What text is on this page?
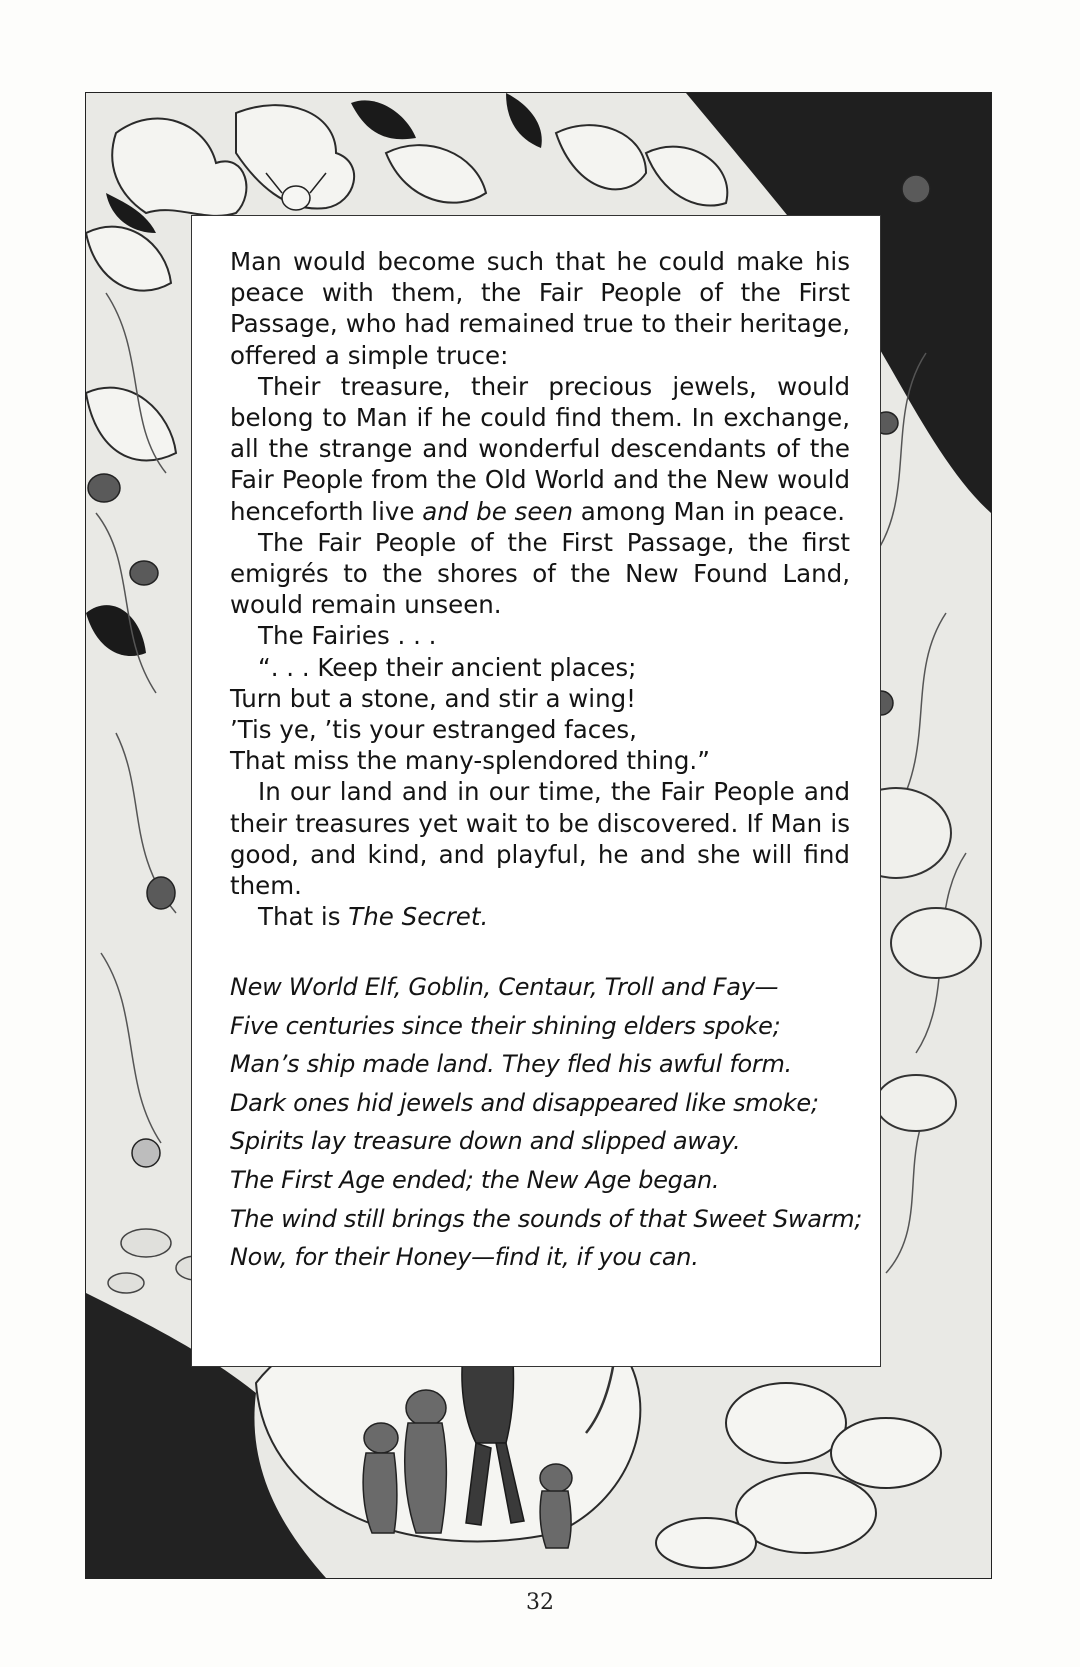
Man would become such that he could make his peace with them, the Fair People of the First Passage, who had remained true to their heritage, offered a simple truce:

Their treasure, their precious jewels, would belong to Man if he could find them. In exchange, all the strange and wonderful descendants of the Fair People from the Old World and the New would henceforth live and be seen among Man in peace.

The Fair People of the First Passage, the first emigrés to the shores of the New Found Land, would remain unseen.

The Fairies . . .

“. . . Keep their ancient places;
Turn but a stone, and stir a wing!
’Tis ye, ’tis your estranged faces,
That miss the many-splendored thing.”

In our land and in our time, the Fair People and their treasures yet wait to be discovered. If Man is good, and kind, and playful, he and she will find them.

That is The Secret.

New World Elf, Goblin, Centaur, Troll and Fay—
Five centuries since their shining elders spoke;
Man’s ship made land. They fled his awful form.
Dark ones hid jewels and disappeared like smoke;
Spirits lay treasure down and slipped away.
The First Age ended; the New Age began.
The wind still brings the sounds of that Sweet Swarm;
Now, for their Honey—find it, if you can.
32
